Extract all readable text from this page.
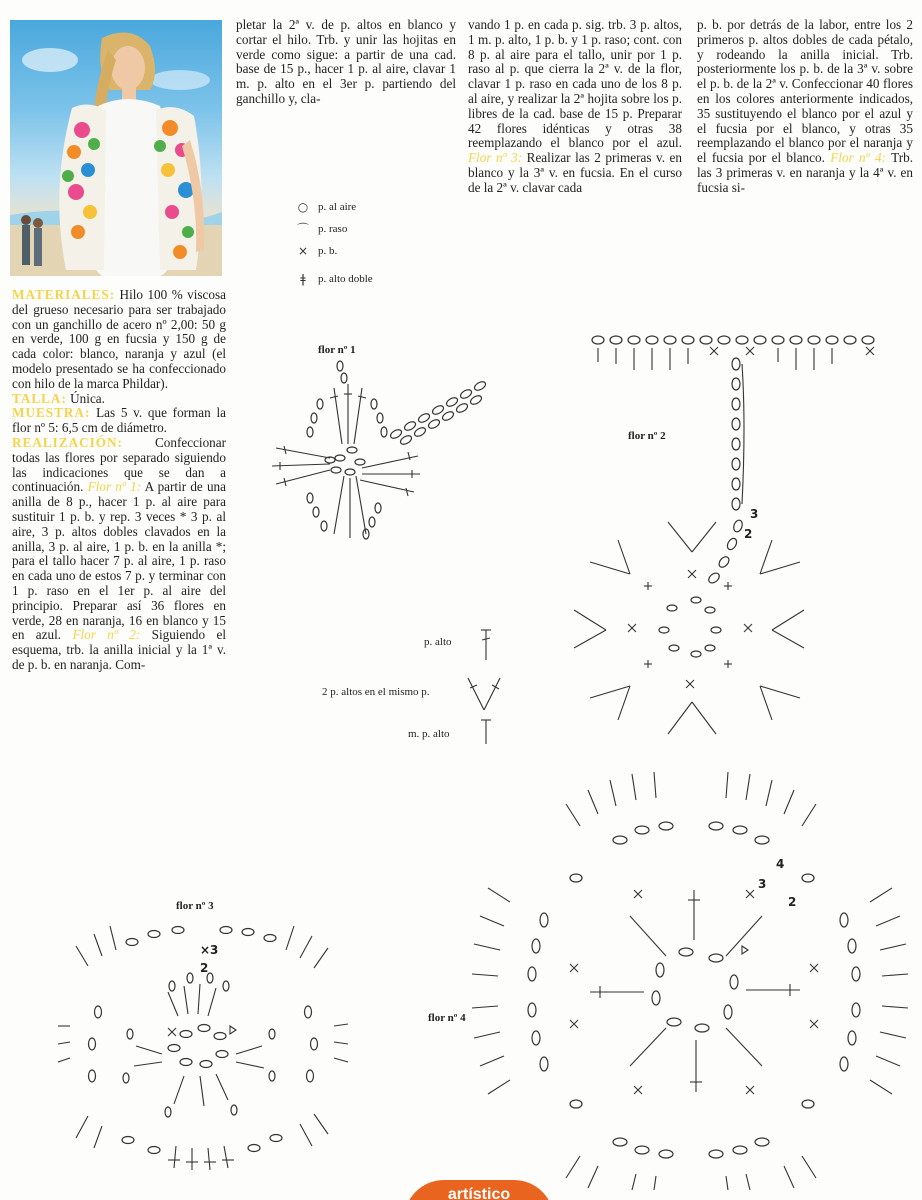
MATERIALES: Hilo 100 % viscosa del grueso necesario para ser trabajado con un ganchillo de acero nº 2,00: 50 g en verde, 100 g en fucsia y 150 g de cada color: blanco, naranja y azul (el modelo presentado se ha confeccionado con hilo de la marca Phildar).

TALLA: Única.

MUESTRA: Las 5 v. que forman la flor nº 5: 6,5 cm de diámetro.

REALIZACIÓN: Confeccionar todas las flores por separado siguiendo las indicaciones que se dan a continuación. Flor nº 1: A partir de una anilla de 8 p., hacer 1 p. al aire para sustituir 1 p. b. y rep. 3 veces * 3 p. al aire, 3 p. altos dobles clavados en la anilla, 3 p. al aire, 1 p. b. en la anilla *; para el tallo hacer 7 p. al aire, 1 p. raso en cada uno de estos 7 p. y terminar con 1 p. raso en el 1er p. al aire del principio. Preparar así 36 flores en verde, 28 en naranja, 16 en blanco y 15 en azul. Flor nº 2: Siguiendo el esquema, trb. la anilla inicial y la 1ª v. de p. b. en naranja. Com-

pletar la 2ª v. de p. altos en blanco y cortar el hilo. Trb. y unir las hojitas en verde como sigue: a partir de una cad. base de 15 p., hacer 1 p. al aire, clavar 1 m. p. alto en el 3er p. partiendo del ganchillo y, cla-

vando 1 p. en cada p. sig. trb. 3 p. altos, 1 m. p. alto, 1 p. b. y 1 p. raso; cont. con 8 p. al aire para el tallo, unir por 1 p. raso al p. que cierra la 2ª v. de la flor, clavar 1 p. raso en cada uno de los 8 p. al aire, y realizar la 2ª hojita sobre los p. libres de la cad. base de 15 p. Preparar 42 flores idénticas y otras 38 reemplazando el blanco por el azul. Flor nº 3: Realizar las 2 primeras v. en blanco y la 3ª v. en fucsia. En el curso de la 2ª v. clavar cada

p. b. por detrás de la labor, entre los 2 primeros p. altos dobles de cada pétalo, y rodeando la anilla inicial. Trb. posteriormente los p. b. de la 3ª v. sobre el p. b. de la 2ª v. Confeccionar 40 flores en los colores anteriormente indicados, 35 sustituyendo el blanco por el azul y el fucsia por el blanco, y otras 35 reemplazando el blanco por el naranja y el fucsia por el blanco. Flor nº 4: Trb. las 3 primeras v. en naranja y la 4ª v. en fucsia si-

○ p. al aire
⌒ p. raso
× p. b.
ǂ	p. alto doble
p. alto
2 p. altos en el mismo p.
m. p. alto
flor nº 1
flor nº 2
flor nº 3
flor nº 4
3
2
×3
2
4
3
2
artístico
